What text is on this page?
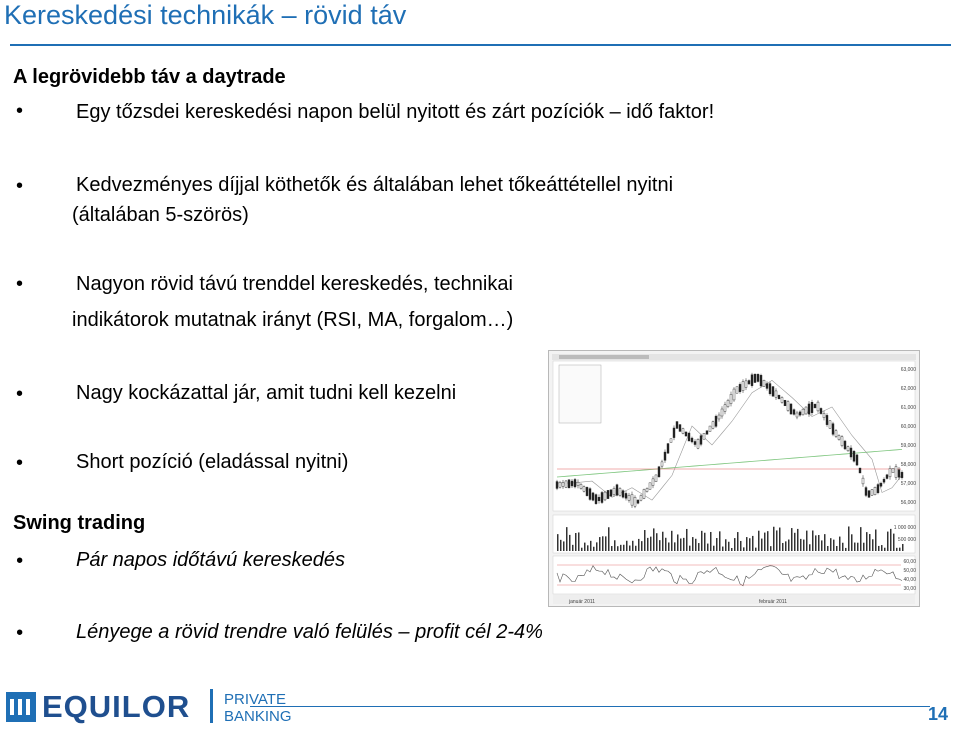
Kereskedési technikák – rövid táv
A legrövidebb táv a daytrade
•	Egy tőzsdei kereskedési napon belül nyitott és zárt pozíciók – idő faktor!
•	Kedvezményes díjjal köthetők és általában lehet tőkeáttétellel nyitni
(általában 5-szörös)
•	Nagyon rövid távú trenddel kereskedés, technikai
indikátorok mutatnak irányt (RSI, MA, forgalom…)
•	Nagy kockázattal jár, amit tudni kell kezelni
•	Short pozíció (eladással nyitni)
Swing trading
•	Pár napos időtávú kereskedés
•	Lényege a rövid trendre való felülés – profit cél 2-4%
63,000
62,000
61,000
60,000
59,000
58,000
57,000
56,000
1 000 000
500 000
60,00
50,00
40,00
30,00
január 2011	február 2011
EQUILOR PRIVATE
BANKING	14
